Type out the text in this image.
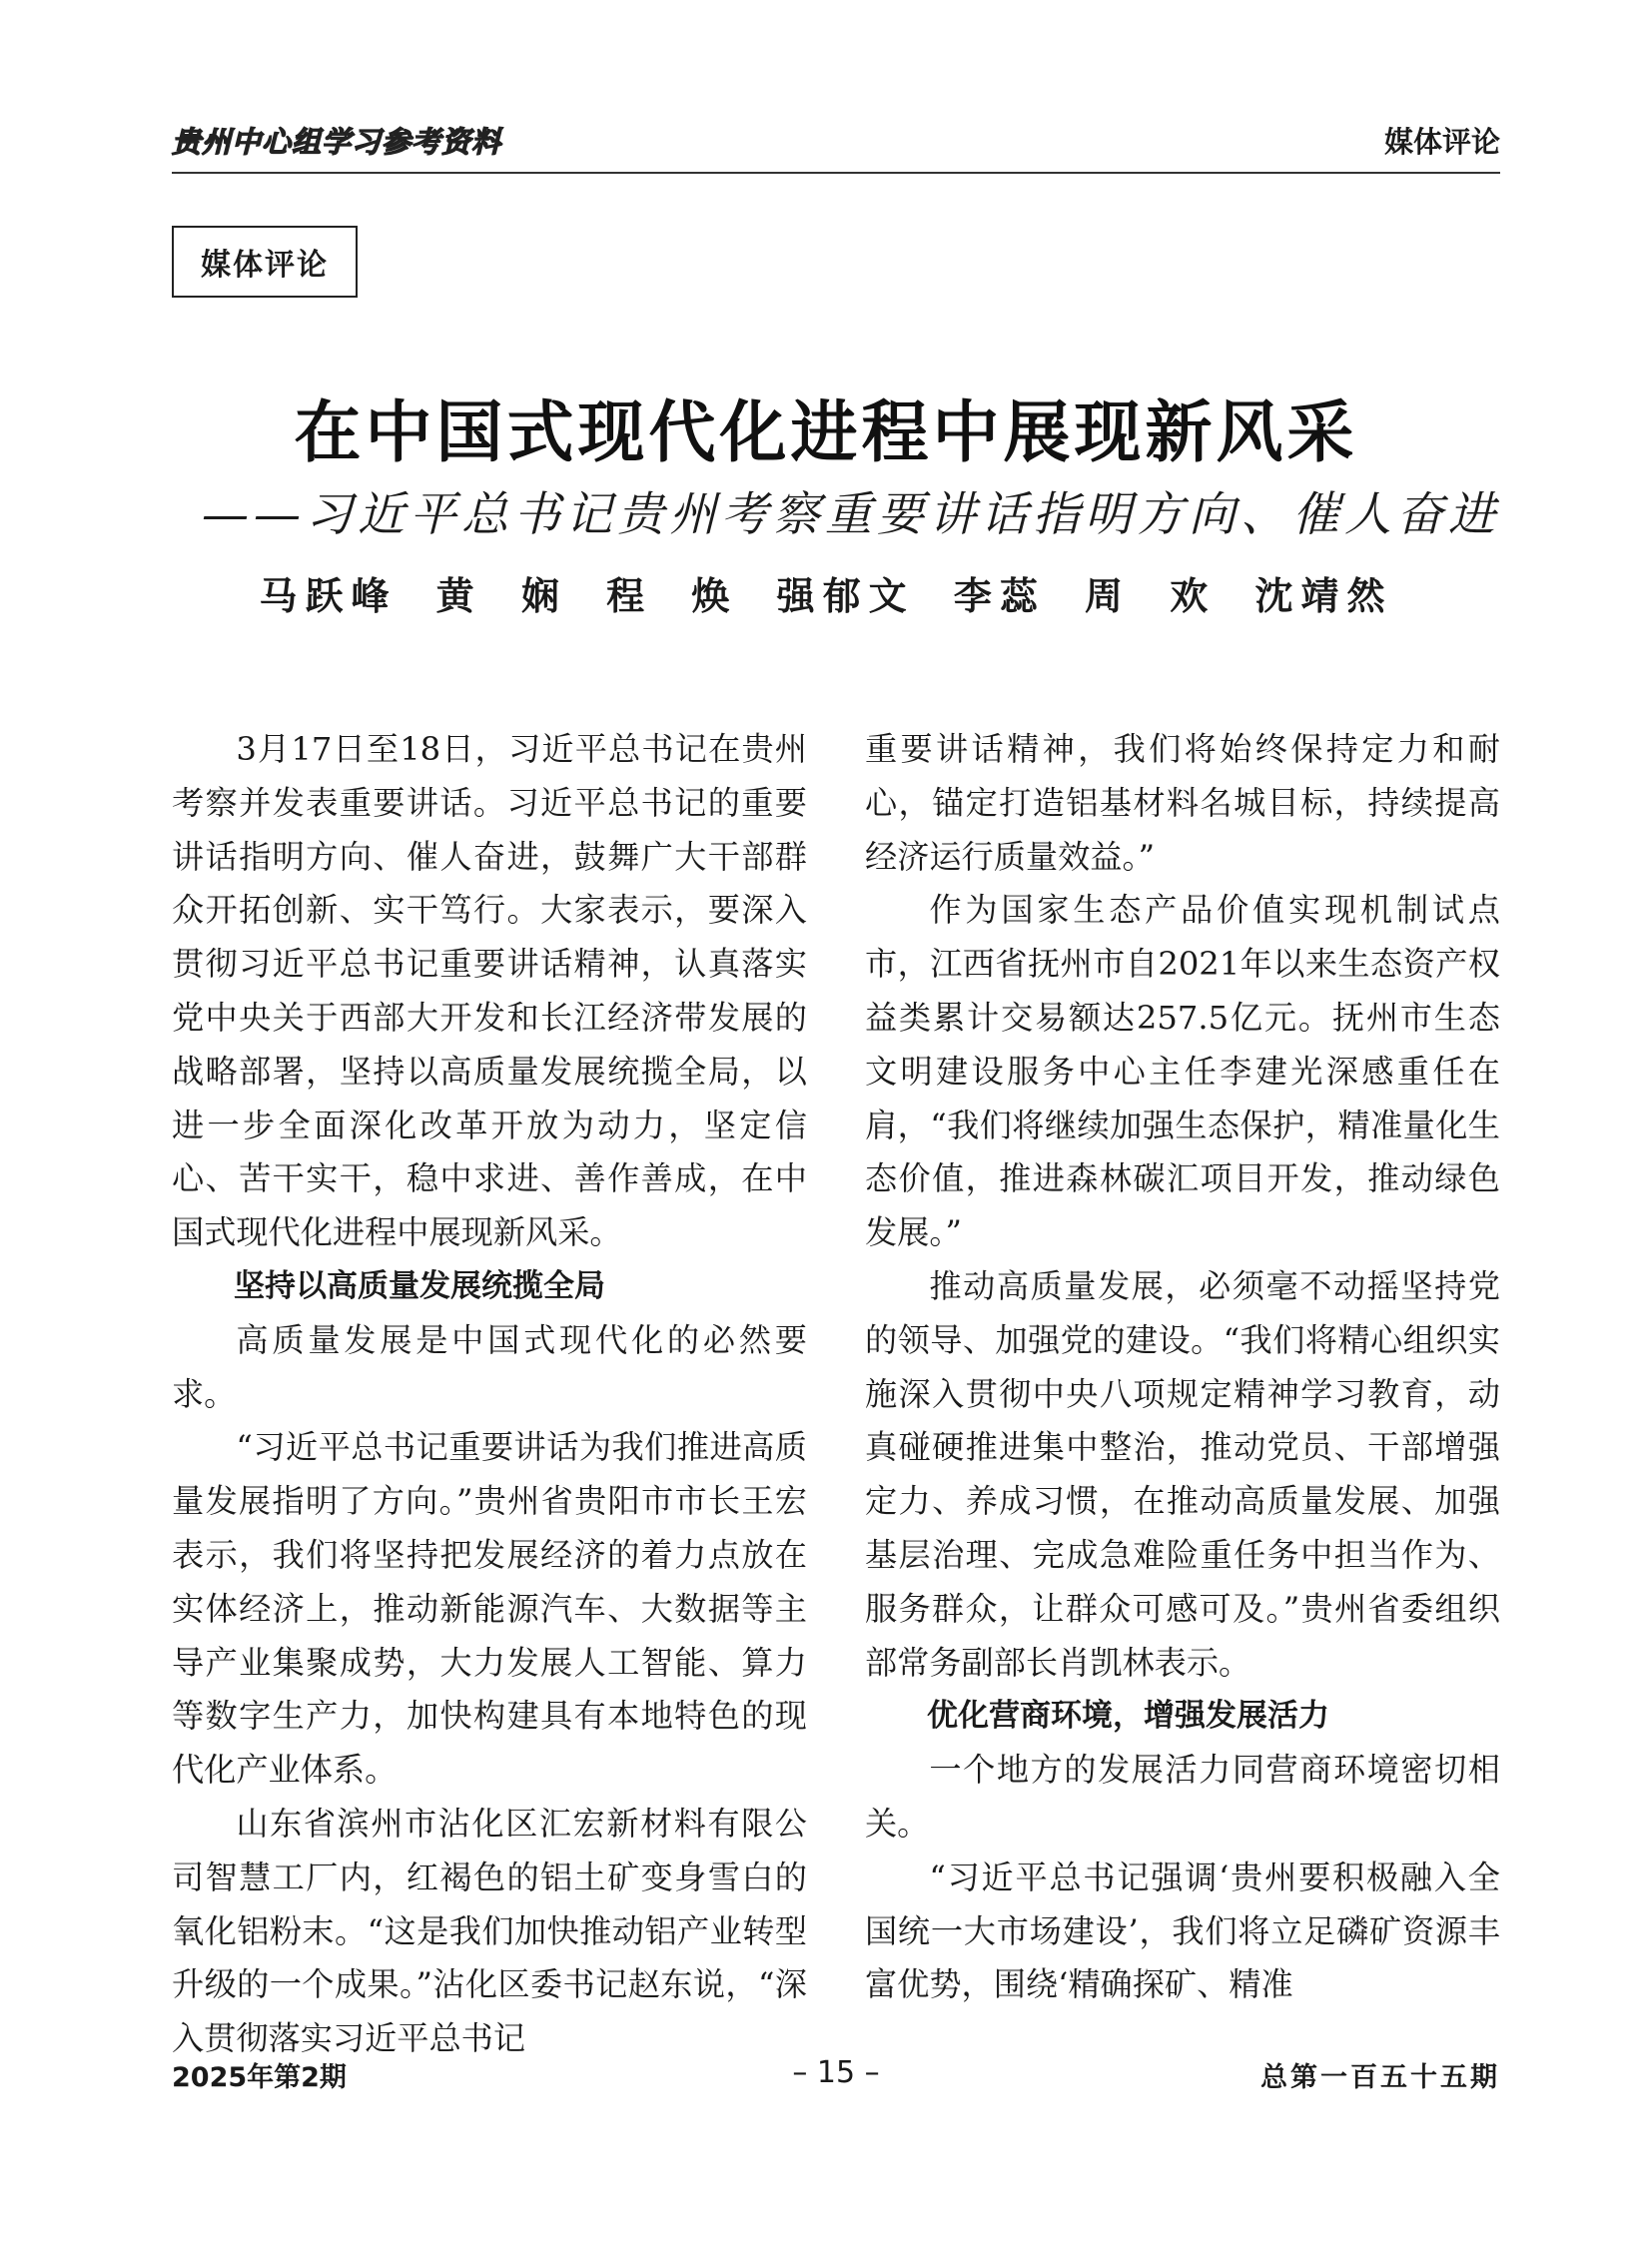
贵州中心组学习参考资料	媒体评论
媒体评论
在中国式现代化进程中展现新风采
——习近平总书记贵州考察重要讲话指明方向、催人奋进
马跃峰 黄 娴 程 焕 强郁文 李蕊 周 欢 沈靖然

3月17日至18日，习近平总书记在贵州考察并发表重要讲话。习近平总书记的重要讲话指明方向、催人奋进，鼓舞广大干部群众开拓创新、实干笃行。大家表示，要深入贯彻习近平总书记重要讲话精神，认真落实党中央关于西部大开发和长江经济带发展的战略部署，坚持以高质量发展统揽全局，以进一步全面深化改革开放为动力，坚定信心、苦干实干，稳中求进、善作善成，在中国式现代化进程中展现新风采。

坚持以高质量发展统揽全局

高质量发展是中国式现代化的必然要求。

“习近平总书记重要讲话为我们推进高质量发展指明了方向。”贵州省贵阳市市长王宏表示，我们将坚持把发展经济的着力点放在实体经济上，推动新能源汽车、大数据等主导产业集聚成势，大力发展人工智能、算力等数字生产力，加快构建具有本地特色的现代化产业体系。

山东省滨州市沾化区汇宏新材料有限公司智慧工厂内，红褐色的铝土矿变身雪白的氧化铝粉末。“这是我们加快推动铝产业转型升级的一个成果。”沾化区委书记赵东说，“深入贯彻落实习近平总书记

重要讲话精神，我们将始终保持定力和耐心，锚定打造铝基材料名城目标，持续提高经济运行质量效益。”

作为国家生态产品价值实现机制试点市，江西省抚州市自2021年以来生态资产权益类累计交易额达257.5亿元。抚州市生态文明建设服务中心主任李建光深感重任在肩，“我们将继续加强生态保护，精准量化生态价值，推进森林碳汇项目开发，推动绿色发展。”

推动高质量发展，必须毫不动摇坚持党的领导、加强党的建设。“我们将精心组织实施深入贯彻中央八项规定精神学习教育，动真碰硬推进集中整治，推动党员、干部增强定力、养成习惯，在推动高质量发展、加强基层治理、完成急难险重任务中担当作为、服务群众，让群众可感可及。”贵州省委组织部常务副部长肖凯林表示。

优化营商环境，增强发展活力

一个地方的发展活力同营商环境密切相关。

“习近平总书记强调‘贵州要积极融入全国统一大市场建设’，我们将立足磷矿资源丰富优势，围绕‘精确探矿、精准

2025年第2期	– 15 –	总第一百五十五期
